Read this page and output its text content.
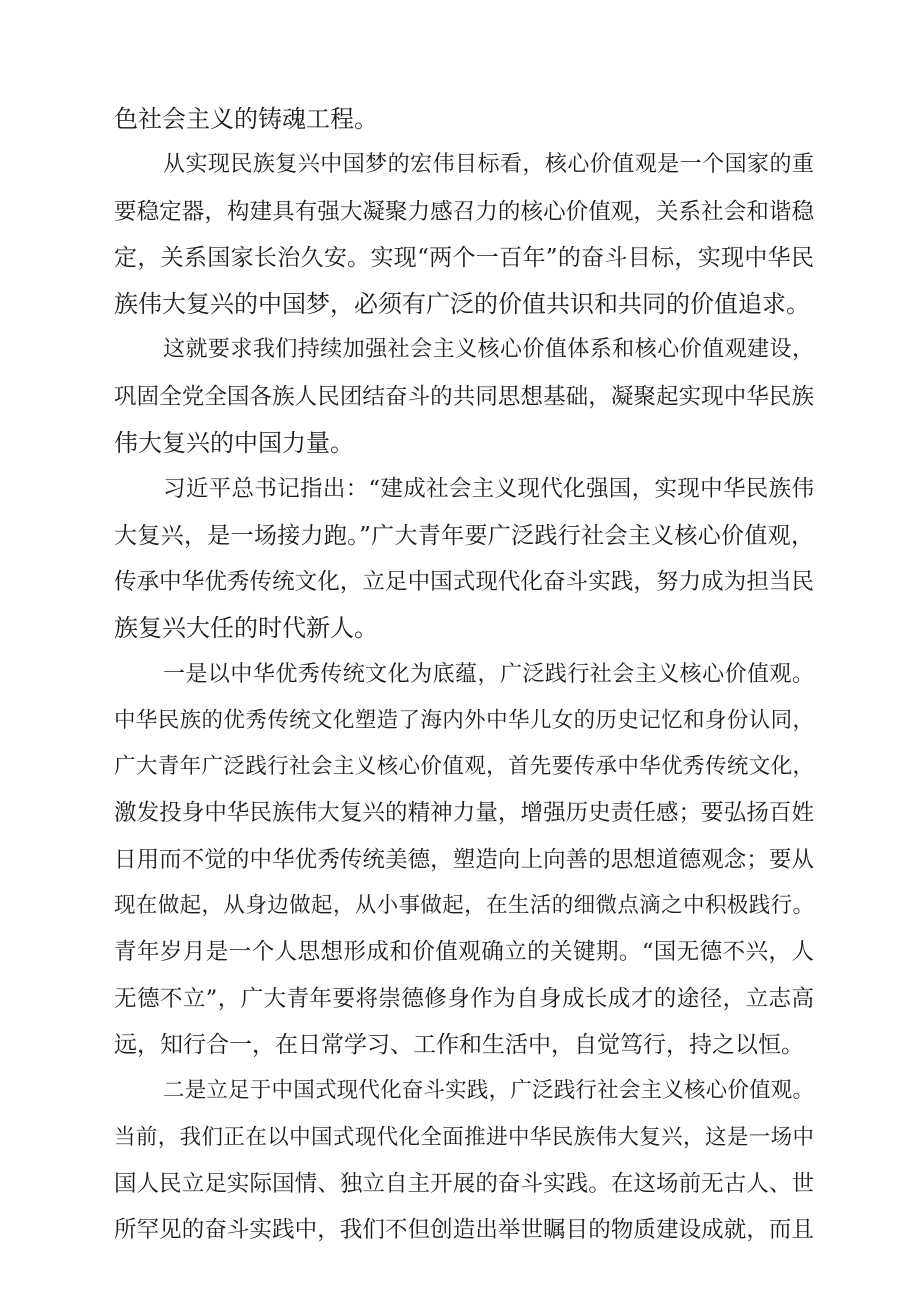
色社会主义的铸魂工程。
从实现民族复兴中国梦的宏伟目标看，核心价值观是一个国家的重
要稳定器，构建具有强大凝聚力感召力的核心价值观，关系社会和谐稳
定，关系国家长治久安。实现“两个一百年”的奋斗目标，实现中华民
族伟大复兴的中国梦，必须有广泛的价值共识和共同的价值追求。
这就要求我们持续加强社会主义核心价值体系和核心价值观建设，
巩固全党全国各族人民团结奋斗的共同思想基础，凝聚起实现中华民族
伟大复兴的中国力量。
习近平总书记指出：“建成社会主义现代化强国，实现中华民族伟
大复兴，是一场接力跑。”广大青年要广泛践行社会主义核心价值观，
传承中华优秀传统文化，立足中国式现代化奋斗实践，努力成为担当民
族复兴大任的时代新人。
一是以中华优秀传统文化为底蕴，广泛践行社会主义核心价值观。
中华民族的优秀传统文化塑造了海内外中华儿女的历史记忆和身份认同，
广大青年广泛践行社会主义核心价值观，首先要传承中华优秀传统文化，
激发投身中华民族伟大复兴的精神力量，增强历史责任感；要弘扬百姓
日用而不觉的中华优秀传统美德，塑造向上向善的思想道德观念；要从
现在做起，从身边做起，从小事做起，在生活的细微点滴之中积极践行。
青年岁月是一个人思想形成和价值观确立的关键期。“国无德不兴，人
无德不立”，广大青年要将崇德修身作为自身成长成才的途径，立志高
远，知行合一，在日常学习、工作和生活中，自觉笃行，持之以恒。
二是立足于中国式现代化奋斗实践，广泛践行社会主义核心价值观。
当前，我们正在以中国式现代化全面推进中华民族伟大复兴，这是一场中
国人民立足实际国情、独立自主开展的奋斗实践。在这场前无古人、世
所罕见的奋斗实践中，我们不但创造出举世瞩目的物质建设成就，而且
